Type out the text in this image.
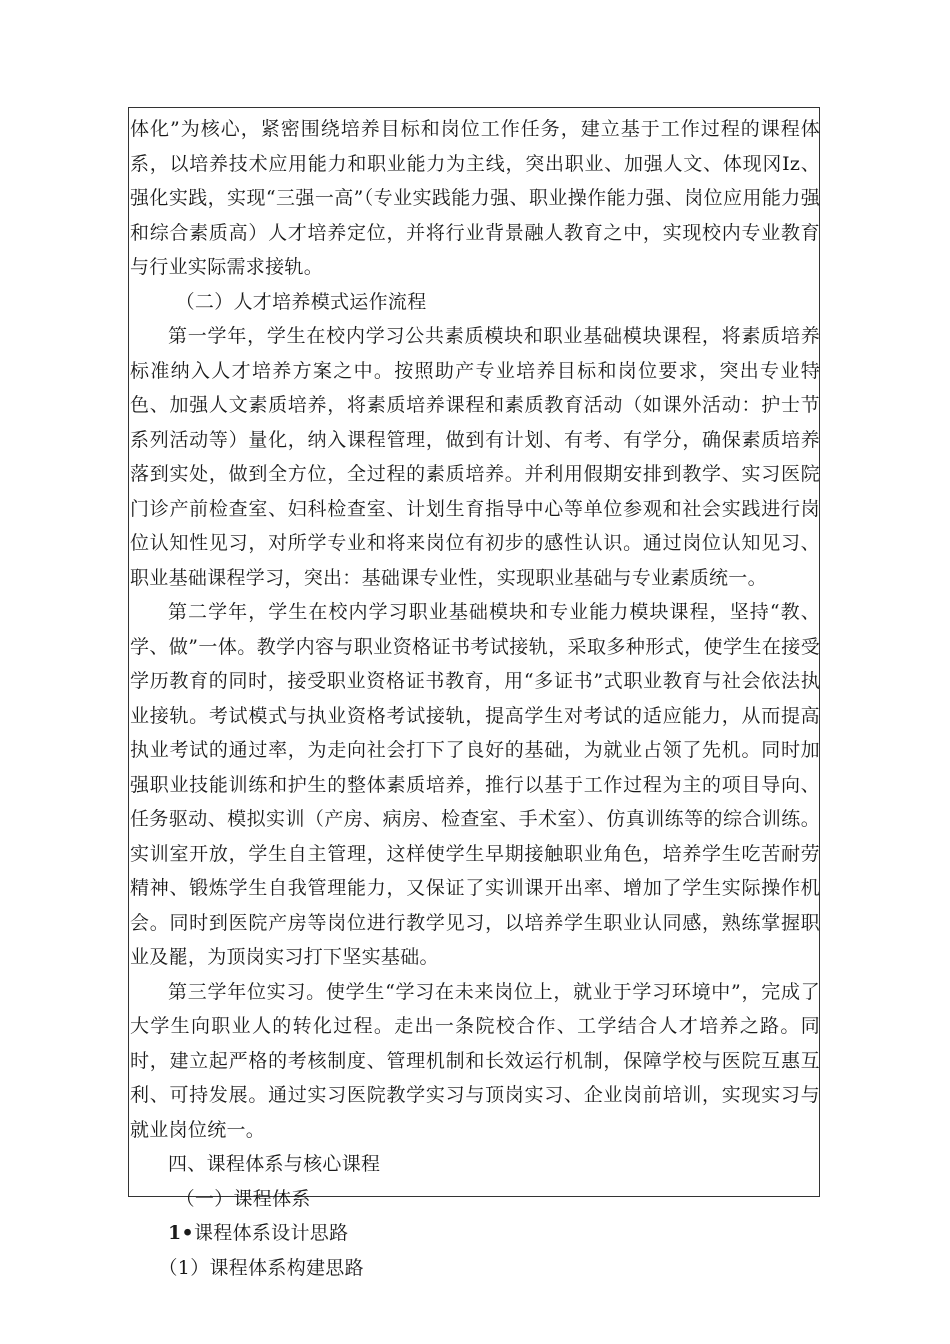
体化”为核心，紧密围绕培养目标和岗位工作任务，建立基于工作过程的课程体系，以培养技术应用能力和职业能力为主线，突出职业、加强人文、体现冈Iz、强化实践，实现“三强一高”（专业实践能力强、职业操作能力强、岗位应用能力强和综合素质高）人才培养定位，并将行业背景融人教育之中，实现校内专业教育与行业实际需求接轨。

（二）人才培养模式运作流程

第一学年，学生在校内学习公共素质模块和职业基础模块课程，将素质培养标准纳入人才培养方案之中。按照助产专业培养目标和岗位要求，突出专业特色、加强人文素质培养，将素质培养课程和素质教育活动（如课外活动：护士节系列活动等）量化，纳入课程管理，做到有计划、有考、有学分，确保素质培养落到实处，做到全方位，全过程的素质培养。并利用假期安排到教学、实习医院门诊产前检查室、妇科检查室、计划生育指导中心等单位参观和社会实践进行岗位认知性见习，对所学专业和将来岗位有初步的感性认识。通过岗位认知见习、职业基础课程学习，突出：基础课专业性，实现职业基础与专业素质统一。

第二学年，学生在校内学习职业基础模块和专业能力模块课程，坚持“教、学、做”一体。教学内容与职业资格证书考试接轨，采取多种形式，使学生在接受学历教育的同时，接受职业资格证书教育，用“多证书”式职业教育与社会依法执业接轨。考试模式与执业资格考试接轨，提高学生对考试的适应能力，从而提高执业考试的通过率，为走向社会打下了良好的基础，为就业占领了先机。同时加强职业技能训练和护生的整体素质培养，推行以基于工作过程为主的项目导向、任务驱动、模拟实训（产房、病房、检查室、手术室）、仿真训练等的综合训练。实训室开放，学生自主管理，这样使学生早期接触职业角色，培养学生吃苦耐劳精神、锻炼学生自我管理能力，又保证了实训课开出率、增加了学生实际操作机会。同时到医院产房等岗位进行教学见习，以培养学生职业认同感，熟练掌握职业及罷，为顶岗实习打下坚实基础。

第三学年位实习。使学生“学习在未来岗位上，就业于学习环境中”，完成了大学生向职业人的转化过程。走出一条院校合作、工学结合人才培养之路。同时，建立起严格的考核制度、管理机制和长效运行机制，保障学校与医院互惠互利、可持发展。通过实习医院教学实习与顶岗实习、企业岗前培训，实现实习与就业岗位统一。

四、课程体系与核心课程

（一）课程体系

1•课程体系设计思路

（1）课程体系构建思路
